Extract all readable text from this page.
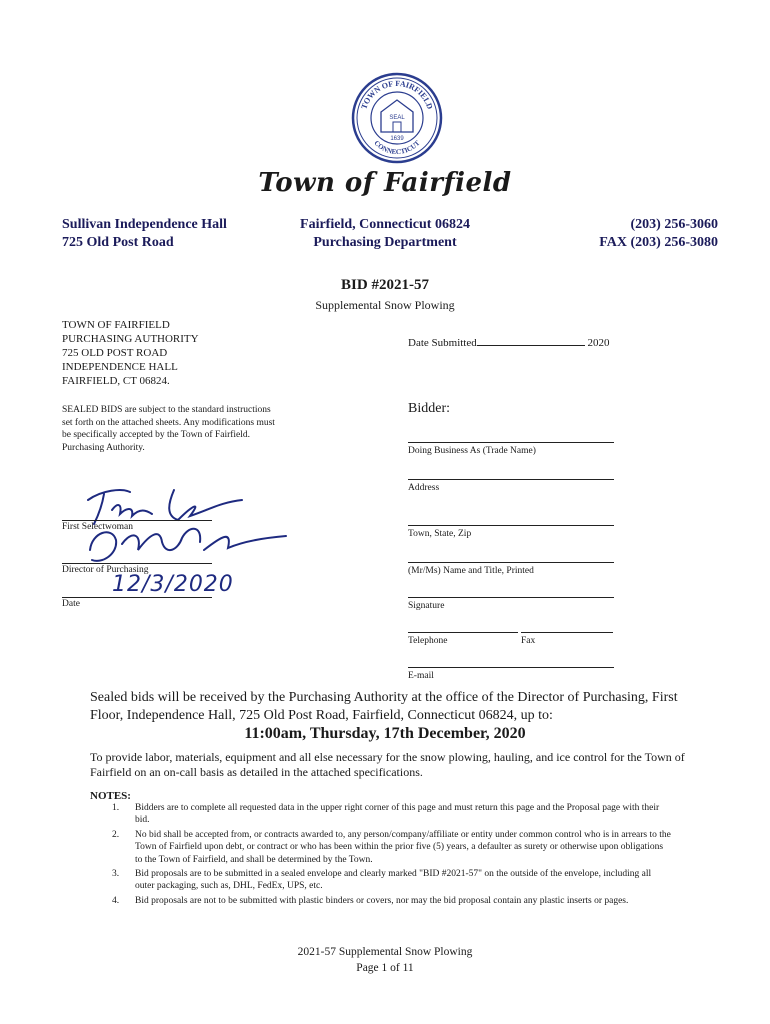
TOWN OF FAIRFIELD
CONNECTICUT
SEAL
1639
Town of Fairfield
Sullivan Independence Hall
725 Old Post Road
Fairfield, Connecticut 06824
Purchasing Department
(203) 256-3060
FAX (203) 256-3080
BID #2021-57
Supplemental Snow Plowing
TOWN OF FAIRFIELD
PURCHASING AUTHORITY
725 OLD POST ROAD
INDEPENDENCE HALL
FAIRFIELD, CT 06824.
Date Submitted	2020
SEALED BIDS are subject to the standard instructions set forth on the attached sheets. Any modifications must be specifically accepted by the Town of Fairfield. Purchasing Authority.
Bidder:
Doing Business As (Trade Name)
Address
Town, State, Zip
(Mr/Ms) Name and Title, Printed
Signature
Telephone	Fax
E-mail
First Selectwoman
Director of Purchasing
12/3/2020
Date
Sealed bids will be received by the Purchasing Authority at the office of the Director of Purchasing, First Floor, Independence Hall, 725 Old Post Road, Fairfield, Connecticut 06824, up to:
11:00am, Thursday, 17th December, 2020
To provide labor, materials, equipment and all else necessary for the snow plowing, hauling, and ice control for the Town of Fairfield on an on-call basis as detailed in the attached specifications.
NOTES:
1. Bidders are to complete all requested data in the upper right corner of this page and must return this page and the Proposal page with their bid.
2. No bid shall be accepted from, or contracts awarded to, any person/company/affiliate or entity under common control who is in arrears to the Town of Fairfield upon debt, or contract or who has been within the prior five (5) years, a defaulter as surety or otherwise upon obligations to the Town of Fairfield, and shall be determined by the Town.
3. Bid proposals are to be submitted in a sealed envelope and clearly marked "BID #2021-57" on the outside of the envelope, including all outer packaging, such as, DHL, FedEx, UPS, etc.
4. Bid proposals are not to be submitted with plastic binders or covers, nor may the bid proposal contain any plastic inserts or pages.
2021-57 Supplemental Snow Plowing
Page 1 of 11
